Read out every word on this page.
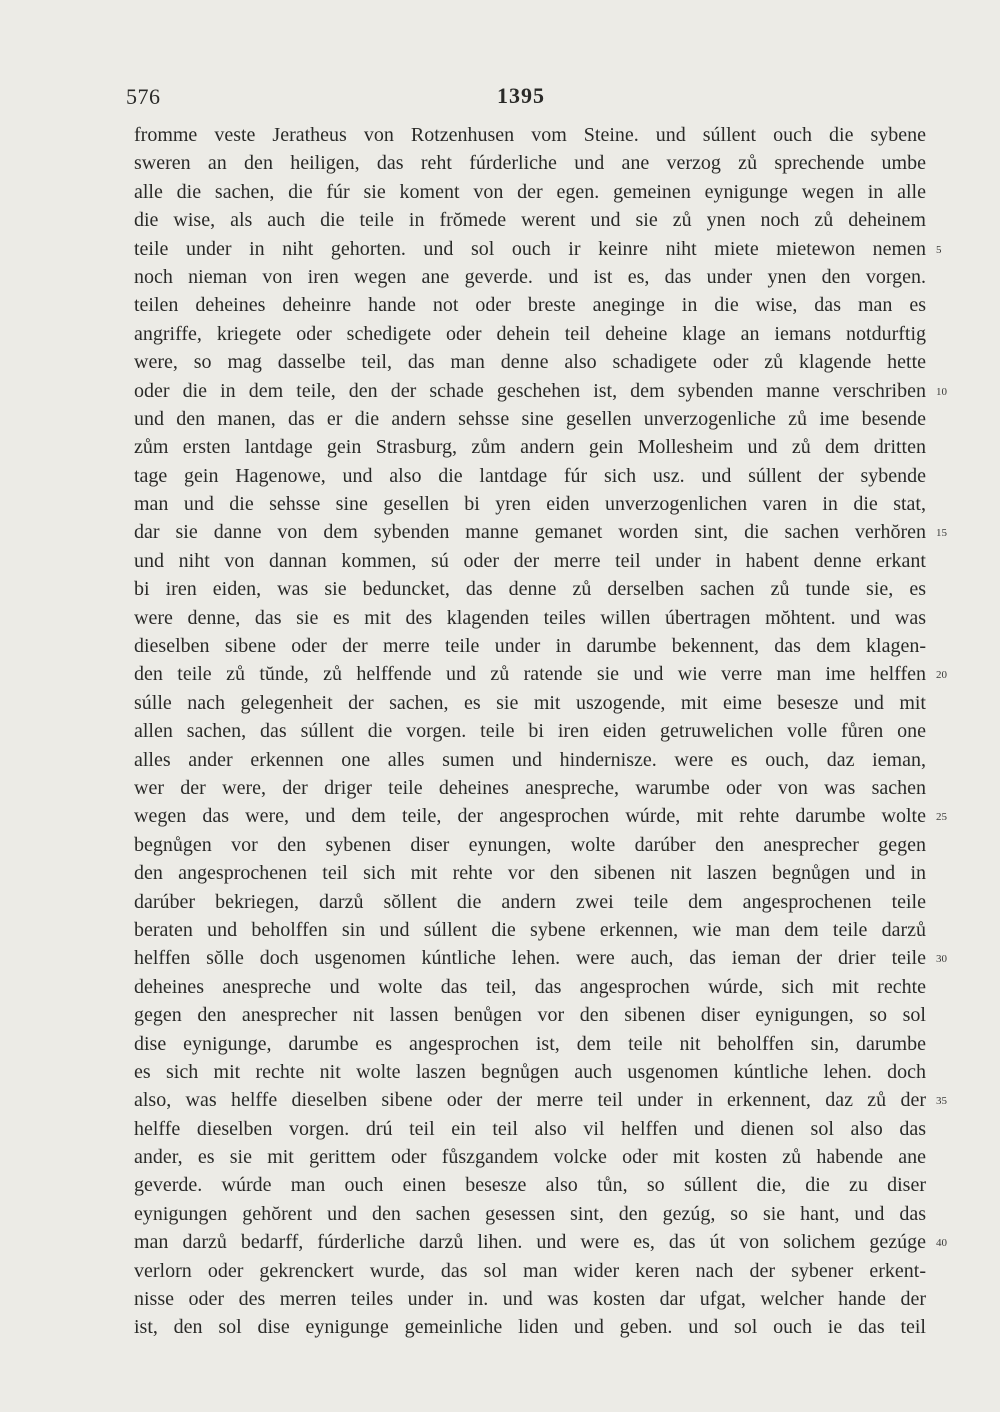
576	1395
fromme veste Jeratheus von Rotzenhusen vom Steine. und súllent ouch die sybene
sweren an den heiligen, das reht fúrderliche und ane verzog zů sprechende umbe
alle die sachen, die fúr sie koment von der egen. gemeinen eynigunge wegen in alle
die wise, als auch die teile in frŏmede werent und sie zů ynen noch zů deheinem
teile under in niht gehorten. und sol ouch ir keinre niht miete mietewon nemen 5
noch nieman von iren wegen ane geverde. und ist es, das under ynen den vorgen.
teilen deheines deheinre hande not oder breste aneginge in die wise, das man es
angriffe, kriegete oder schedigete oder dehein teil deheine klage an iemans notdurftig
were, so mag dasselbe teil, das man denne also schadigete oder zů klagende hette
oder die in dem teile, den der schade geschehen ist, dem sybenden manne verschriben 10
und den manen, das er die andern sehsse sine gesellen unverzogenliche zů ime besende
zům ersten lantdage gein Strasburg, zům andern gein Mollesheim und zů dem dritten
tage gein Hagenowe, und also die lantdage fúr sich usz. und súllent der sybende
man und die sehsse sine gesellen bi yren eiden unverzogenlichen varen in die stat,
dar sie danne von dem sybenden manne gemanet worden sint, die sachen verhŏren 15
und niht von dannan kommen, sú oder der merre teil under in habent denne erkant
bi iren eiden, was sie beduncket, das denne zů derselben sachen zů tunde sie, es
were denne, das sie es mit des klagenden teiles willen úbertragen mŏhtent. und was
dieselben sibene oder der merre teile under in darumbe bekennent, das dem klagen-
den teile zů tŭnde, zů helffende und zů ratende sie und wie verre man ime helffen 20
súlle nach gelegenheit der sachen, es sie mit uszogende, mit eime besesze und mit
allen sachen, das súllent die vorgen. teile bi iren eiden getruwelichen volle fůren one
alles ander erkennen one alles sumen und hindernisze. were es ouch, daz ieman,
wer der were, der driger teile deheines anespreche, warumbe oder von was sachen
wegen das were, und dem teile, der angesprochen wúrde, mit rehte darumbe wolte 25
begnůgen vor den sybenen diser eynungen, wolte darúber den anesprecher gegen
den angesprochenen teil sich mit rehte vor den sibenen nit laszen begnůgen und in
darúber bekriegen, darzů sŏllent die andern zwei teile dem angesprochenen teile
beraten und beholffen sin und súllent die sybene erkennen, wie man dem teile darzů
helffen sŏlle doch usgenomen kúntliche lehen. were auch, das ieman der drier teile 30
deheines anespreche und wolte das teil, das angesprochen wúrde, sich mit rechte
gegen den anesprecher nit lassen benůgen vor den sibenen diser eynigungen, so sol
dise eynigunge, darumbe es angesprochen ist, dem teile nit beholffen sin, darumbe
es sich mit rechte nit wolte laszen begnůgen auch usgenomen kúntliche lehen. doch
also, was helffe dieselben sibene oder der merre teil under in erkennent, daz zů der 35
helffe dieselben vorgen. drú teil ein teil also vil helffen und dienen sol also das
ander, es sie mit gerittem oder fůszgandem volcke oder mit kosten zů habende ane
geverde. wúrde man ouch einen besesze also tůn, so súllent die, die zu diser
eynigungen gehŏrent und den sachen gesessen sint, den gezúg, so sie hant, und das
man darzů bedarff, fúrderliche darzů lihen. und were es, das út von solichem gezúge 40
verlorn oder gekrenckert wurde, das sol man wider keren nach der sybener erkent-
nisse oder des merren teiles under in. und was kosten dar ufgat, welcher hande der
ist, den sol dise eynigunge gemeinliche liden und geben. und sol ouch ie das teil
